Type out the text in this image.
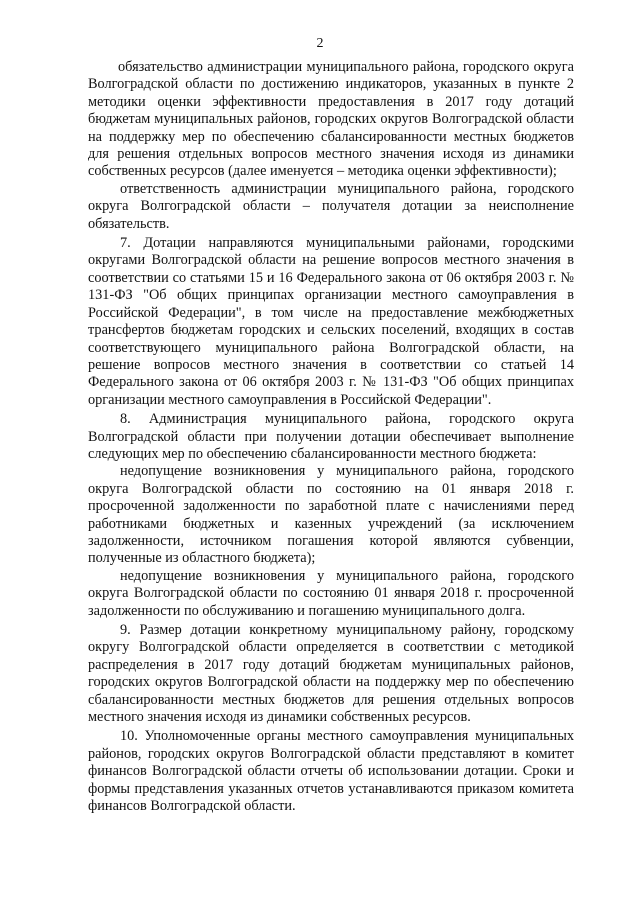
2

обязательство администрации муниципального района, городского округа Волгоградской области по достижению индикаторов, указанных в пункте 2 методики оценки эффективности предоставления в 2017 году дотаций бюджетам муниципальных районов, городских округов Волгоградской области на поддержку мер по обеспечению сбалансированности местных бюджетов для решения отдельных вопросов местного значения исходя из динамики собственных ресурсов (далее именуется – методика оценки эффективности);

ответственность администрации муниципального района, городского округа Волгоградской области – получателя дотации за неисполнение обязательств.

7. Дотации направляются муниципальными районами, городскими округами Волгоградской области на решение вопросов местного значения в соответствии со статьями 15 и 16 Федерального закона от 06 октября 2003 г. № 131-ФЗ "Об общих принципах организации местного самоуправления в Российской Федерации", в том числе на предоставление межбюджетных трансфертов бюджетам городских и сельских поселений, входящих в состав соответствующего муниципального района Волгоградской области, на решение вопросов местного значения в соответствии со статьей 14 Федерального закона от 06 октября 2003 г. № 131-ФЗ "Об общих принципах организации местного самоуправления в Российской Федерации".

8. Администрация муниципального района, городского округа Волгоградской области при получении дотации обеспечивает выполнение следующих мер по обеспечению сбалансированности местного бюджета:

недопущение возникновения у муниципального района, городского округа Волгоградской области по состоянию на 01 января 2018 г. просроченной задолженности по заработной плате с начислениями перед работниками бюджетных и казенных учреждений (за исключением задолженности, источником погашения которой являются субвенции, полученные из областного бюджета);

недопущение возникновения у муниципального района, городского округа Волгоградской области по состоянию 01 января 2018 г. просроченной задолженности по обслуживанию и погашению муниципального долга.

9. Размер дотации конкретному муниципальному району, городскому округу Волгоградской области определяется в соответствии с методикой распределения в 2017 году дотаций бюджетам муниципальных районов, городских округов Волгоградской области на поддержку мер по обеспечению сбалансированности местных бюджетов для решения отдельных вопросов местного значения исходя из динамики собственных ресурсов.

10. Уполномоченные органы местного самоуправления муниципальных районов, городских округов Волгоградской области представляют в комитет финансов Волгоградской области отчеты об использовании дотации. Сроки и формы представления указанных отчетов устанавливаются приказом комитета финансов Волгоградской области.
